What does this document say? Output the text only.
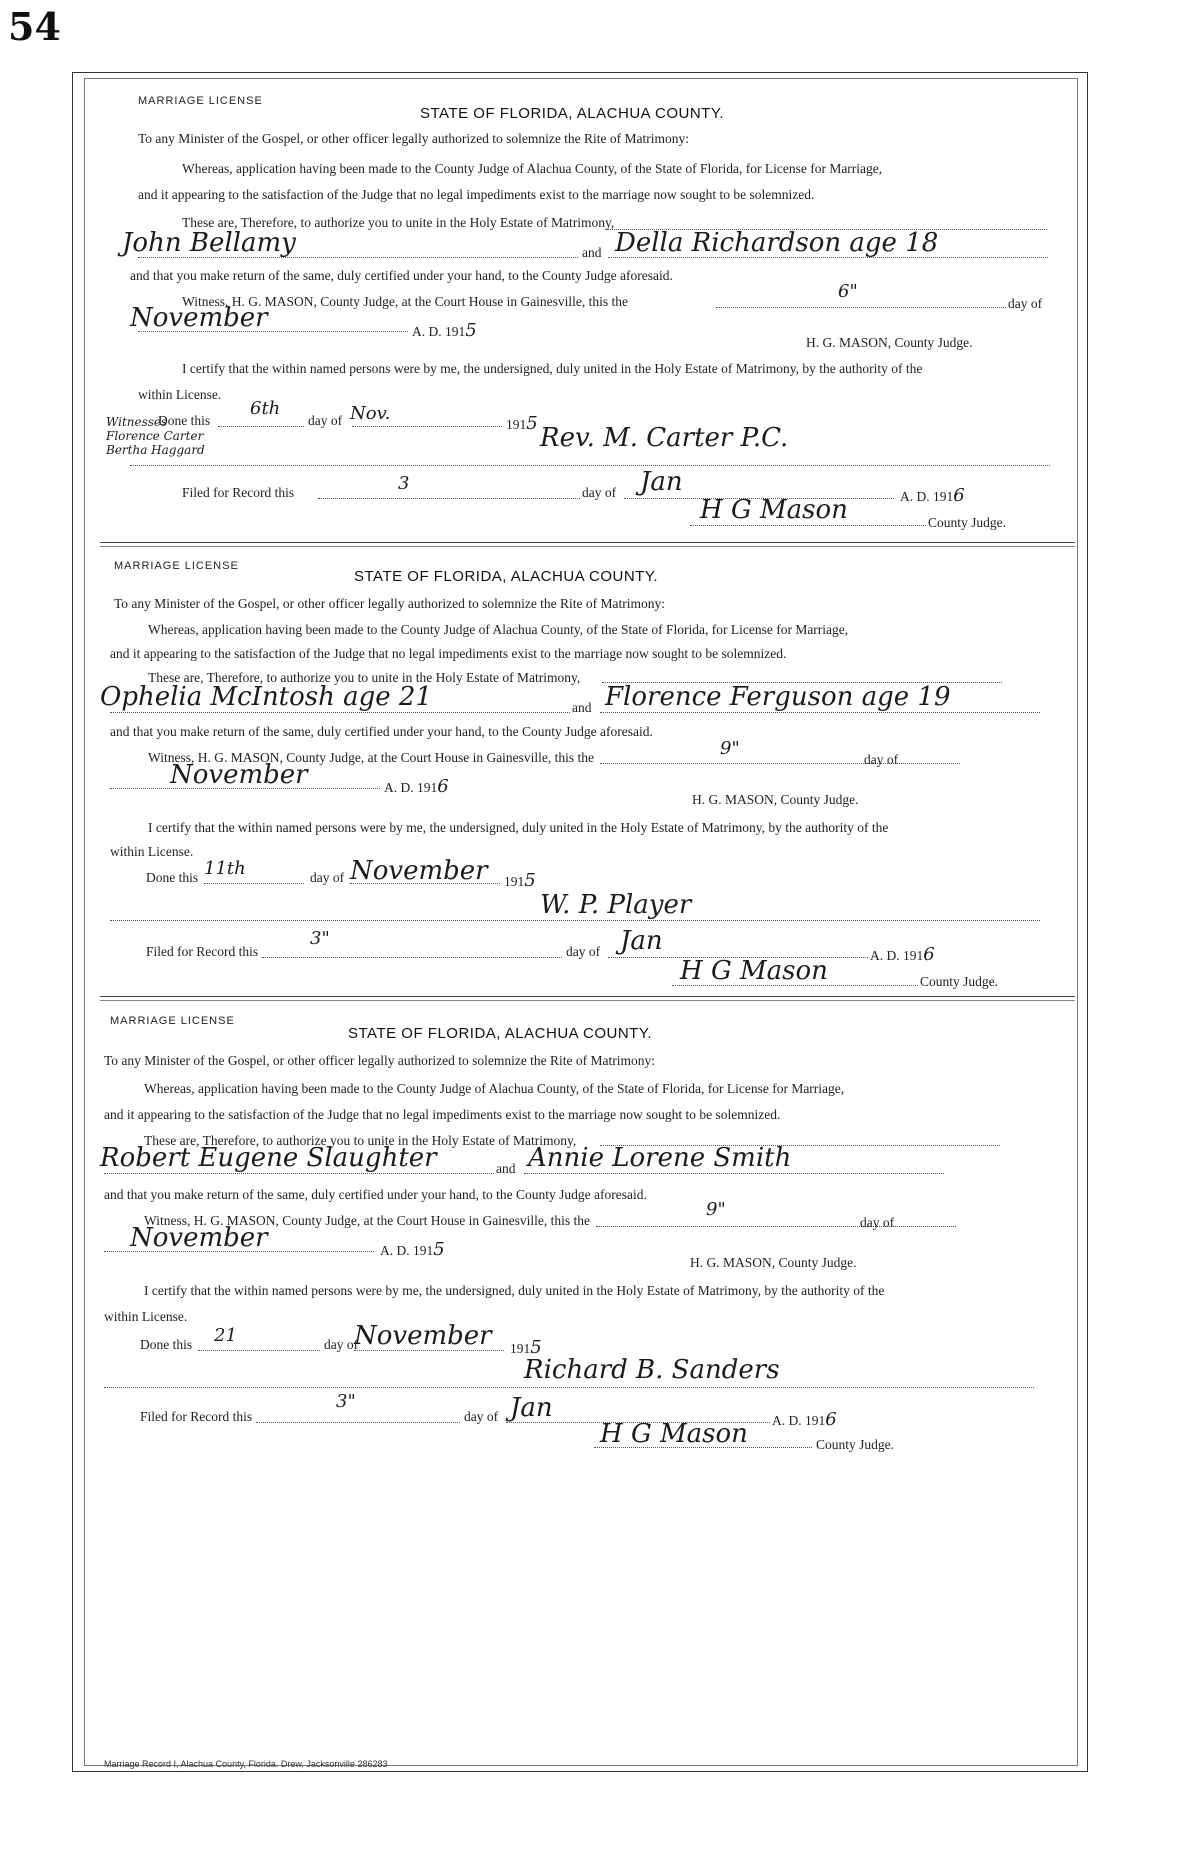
54
MARRIAGE LICENSE
STATE OF FLORIDA, ALACHUA COUNTY.
To any Minister of the Gospel, or other officer legally authorized to solemnize the Rite of Matrimony:
Whereas, application having been made to the County Judge of Alachua County, of the State of Florida, for License for Marriage,
and it appearing to the satisfaction of the Judge that no legal impediments exist to the marriage now sought to be solemnized.
These are, Therefore, to authorize you to unite in the Holy Estate of Matrimony,
John Bellamy	and Della Richardson age 18
and that you make return of the same, duly certified under your hand, to the County Judge aforesaid.
Witness, H. G. MASON, County Judge, at the Court House in Gainesville, this the	6"
day of
November	A. D. 1915
H. G. MASON, County Judge.
I certify that the within named persons were by me, the undersigned, duly united in the Holy Estate of Matrimony, by the authority of the
within License.
Done this
6th
day of Nov.
1915
Witnesses
Florence Carter
Bertha Haggard	Rev. M. Carter P.C.
Filed for Record this	3	day of Jan	A. D. 1916
H G Mason	County Judge.
MARRIAGE LICENSE
STATE OF FLORIDA, ALACHUA COUNTY.
To any Minister of the Gospel, or other officer legally authorized to solemnize the Rite of Matrimony:
Whereas, application having been made to the County Judge of Alachua County, of the State of Florida, for License for Marriage,
and it appearing to the satisfaction of the Judge that no legal impediments exist to the marriage now sought to be solemnized.
These are, Therefore, to authorize you to unite in the Holy Estate of Matrimony,
Ophelia McIntosh age 21	and Florence Ferguson age 19
and that you make return of the same, duly certified under your hand, to the County Judge aforesaid.
Witness, H. G. MASON, County Judge, at the Court House in Gainesville, this the	9"
day of
November	A. D. 1916
H. G. MASON, County Judge.
I certify that the within named persons were by me, the undersigned, duly united in the Holy Estate of Matrimony, by the authority of the
within License.
Done this 11th	day of November 1915
W. P. Player
Filed for Record this
3"
day of Jan	A. D. 1916
H G Mason	County Judge.
MARRIAGE LICENSE
STATE OF FLORIDA, ALACHUA COUNTY.
To any Minister of the Gospel, or other officer legally authorized to solemnize the Rite of Matrimony:
Whereas, application having been made to the County Judge of Alachua County, of the State of Florida, for License for Marriage,
and it appearing to the satisfaction of the Judge that no legal impediments exist to the marriage now sought to be solemnized.
These are, Therefore, to authorize you to unite in the Holy Estate of Matrimony,
Robert Eugene Slaughter	and Annie Lorene Smith
and that you make return of the same, duly certified under your hand, to the County Judge aforesaid.
Witness, H. G. MASON, County Judge, at the Court House in Gainesville, this the
9"
day of
November	A. D. 1915
H. G. MASON, County Judge.
I certify that the within named persons were by me, the undersigned, duly united in the Holy Estate of Matrimony, by the authority of the
within License.
Done this 21	day of
November 1915
Richard B. Sanders
Filed for Record this
3"
day of Jan	A. D. 1916
H G Mason	County Judge.
Marriage Record I, Alachua County, Florida. Drew, Jacksonville 286283
